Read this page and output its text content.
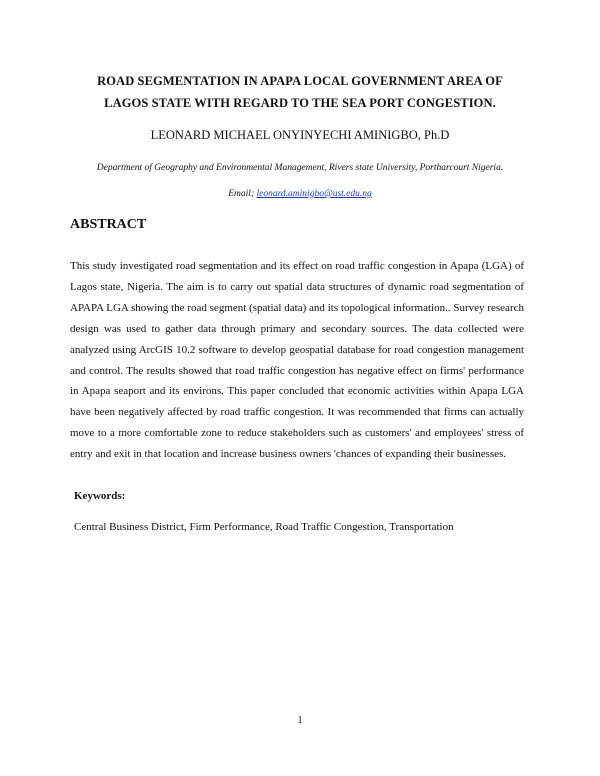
ROAD SEGMENTATION IN APAPA LOCAL GOVERNMENT AREA OF
LAGOS STATE WITH REGARD TO THE SEA PORT CONGESTION.
LEONARD MICHAEL ONYINYECHI AMINIGBO, Ph.D
Department of Geography and Environmental Management, Rivers state University, Portharcourt Nigeria.
Email; leonard.aminigbo@ust.edu.ng
ABSTRACT
This study investigated road segmentation and its effect on road traffic congestion in Apapa (LGA) of Lagos state, Nigeria. The aim is to carry out spatial data structures of dynamic road segmentation of APAPA LGA showing the road segment (spatial data) and its topological information.. Survey research design was used to gather data through primary and secondary sources. The data collected were analyzed using ArcGIS 10.2 software to develop geospatial database for road congestion management and control. The results showed that road traffic congestion has negative effect on firms' performance in Apapa seaport and its environs. This paper concluded that economic activities within Apapa LGA have been negatively affected by road traffic congestion. It was recommended that firms can actually move to a more comfortable zone to reduce stakeholders such as customers' and employees' stress of entry and exit in that location and increase business owners 'chances of expanding their businesses.
Keywords:
Central Business District, Firm Performance, Road Traffic Congestion, Transportation
1
